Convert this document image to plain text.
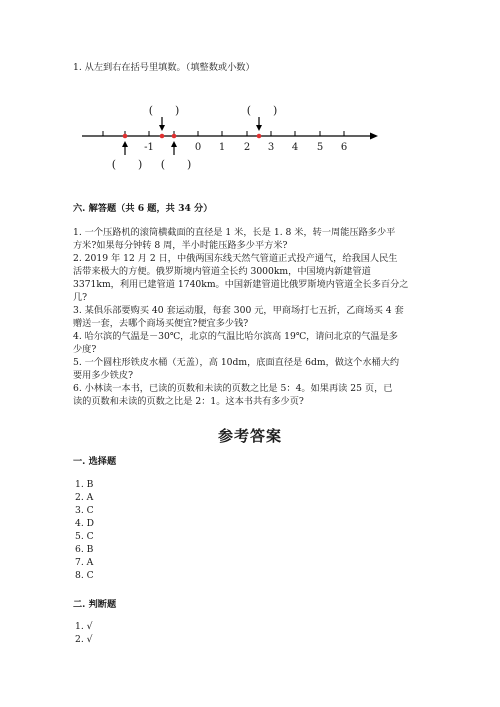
1. 从左到右在括号里填数。（填整数或小数）
-1	0 1 2 3 4 5 6
(　　)	(　　)
(　　) (　　)
六. 解答题（共 6 题，共 34 分）
1. 一个压路机的滚筒横截面的直径是 1 米，长是 1. 8 米，转一周能压路多少平
方米?如果每分钟转 8 周，半小时能压路多少平方米?
2. 2019 年 12 月 2 日，中俄两国东线天然气管道正式投产通气，给我国人民生
活带来极大的方便。俄罗斯境内管道全长约 3000km，中国境内新建管道
3371km，利用已建管道 1740km。中国新建管道比俄罗斯境内管道全长多百分之
几?
3. 某俱乐部要购买 40 套运动服，每套 300 元，甲商场打七五折，乙商场买 4 套
赠送一套，去哪个商场买便宜?便宜多少钱?
4. 哈尔滨的气温是－30℃，北京的气温比哈尔滨高 19℃，请问北京的气温是多
少度?
5. 一个圆柱形铁皮水桶（无盖），高 10dm，底面直径是 6dm，做这个水桶大约
要用多少铁皮?
6. 小林读一本书，已读的页数和未读的页数之比是 5：4。如果再读 25 页，已
读的页数和未读的页数之比是 2：1。这本书共有多少页?
参考答案
一. 选择题
1. B
2. A
3. C
4. D
5. C
6. B
7. A
8. C
二. 判断题
1. √
2. √
